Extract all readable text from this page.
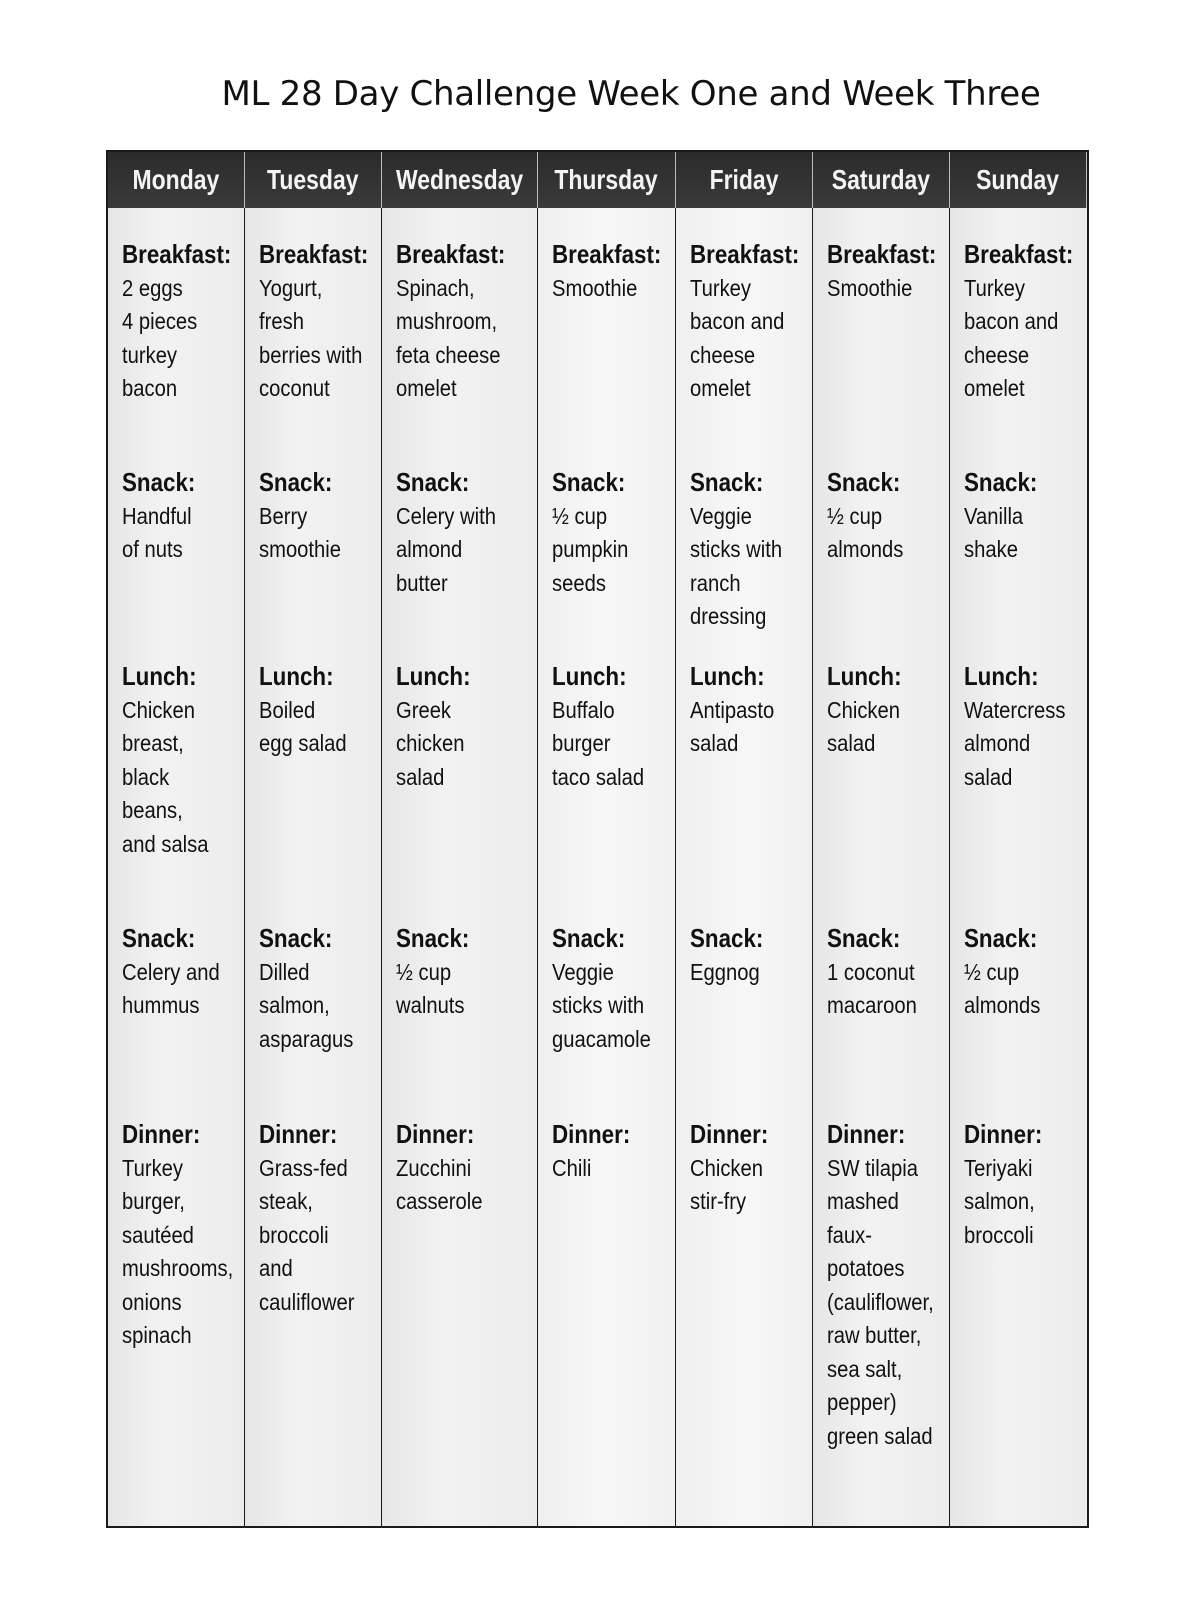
ML 28 Day Challenge Week One and Week Three
Monday Tuesday Wednesday Thursday Friday Saturday Sunday
Breakfast:
2 eggs
4 pieces
turkey
bacon
Snack:
Handful
of nuts
Lunch:
Chicken
breast,
black
beans,
and salsa
Snack:
Celery and
hummus
Dinner:
Turkey
burger,
sautéed
mushrooms,
onions
spinach
Breakfast:
Yogurt,
fresh
berries with
coconut
Snack:
Berry
smoothie
Lunch:
Boiled
egg salad
Snack:
Dilled
salmon,
asparagus
Dinner:
Grass-fed
steak,
broccoli
and
cauliflower
Breakfast:
Spinach,
mushroom,
feta cheese
omelet
Snack:
Celery with
almond
butter
Lunch:
Greek
chicken
salad
Snack:
½ cup
walnuts
Dinner:
Zucchini
casserole
Breakfast:
Smoothie
Snack:
½ cup
pumpkin
seeds
Lunch:
Buffalo
burger
taco salad
Snack:
Veggie
sticks with
guacamole
Dinner:
Chili
Breakfast:
Turkey
bacon and
cheese
omelet
Snack:
Veggie
sticks with
ranch
dressing
Lunch:
Antipasto
salad
Snack:
Eggnog
Dinner:
Chicken
stir-fry
Breakfast:
Smoothie
Snack:
½ cup
almonds
Lunch:
Chicken
salad
Snack:
1 coconut
macaroon
Dinner:
SW tilapia
mashed
faux-
potatoes
(cauliflower,
raw butter,
sea salt,
pepper)
green salad
Breakfast:
Turkey
bacon and
cheese
omelet
Snack:
Vanilla
shake
Lunch:
Watercress
almond
salad
Snack:
½ cup
almonds
Dinner:
Teriyaki
salmon,
broccoli
